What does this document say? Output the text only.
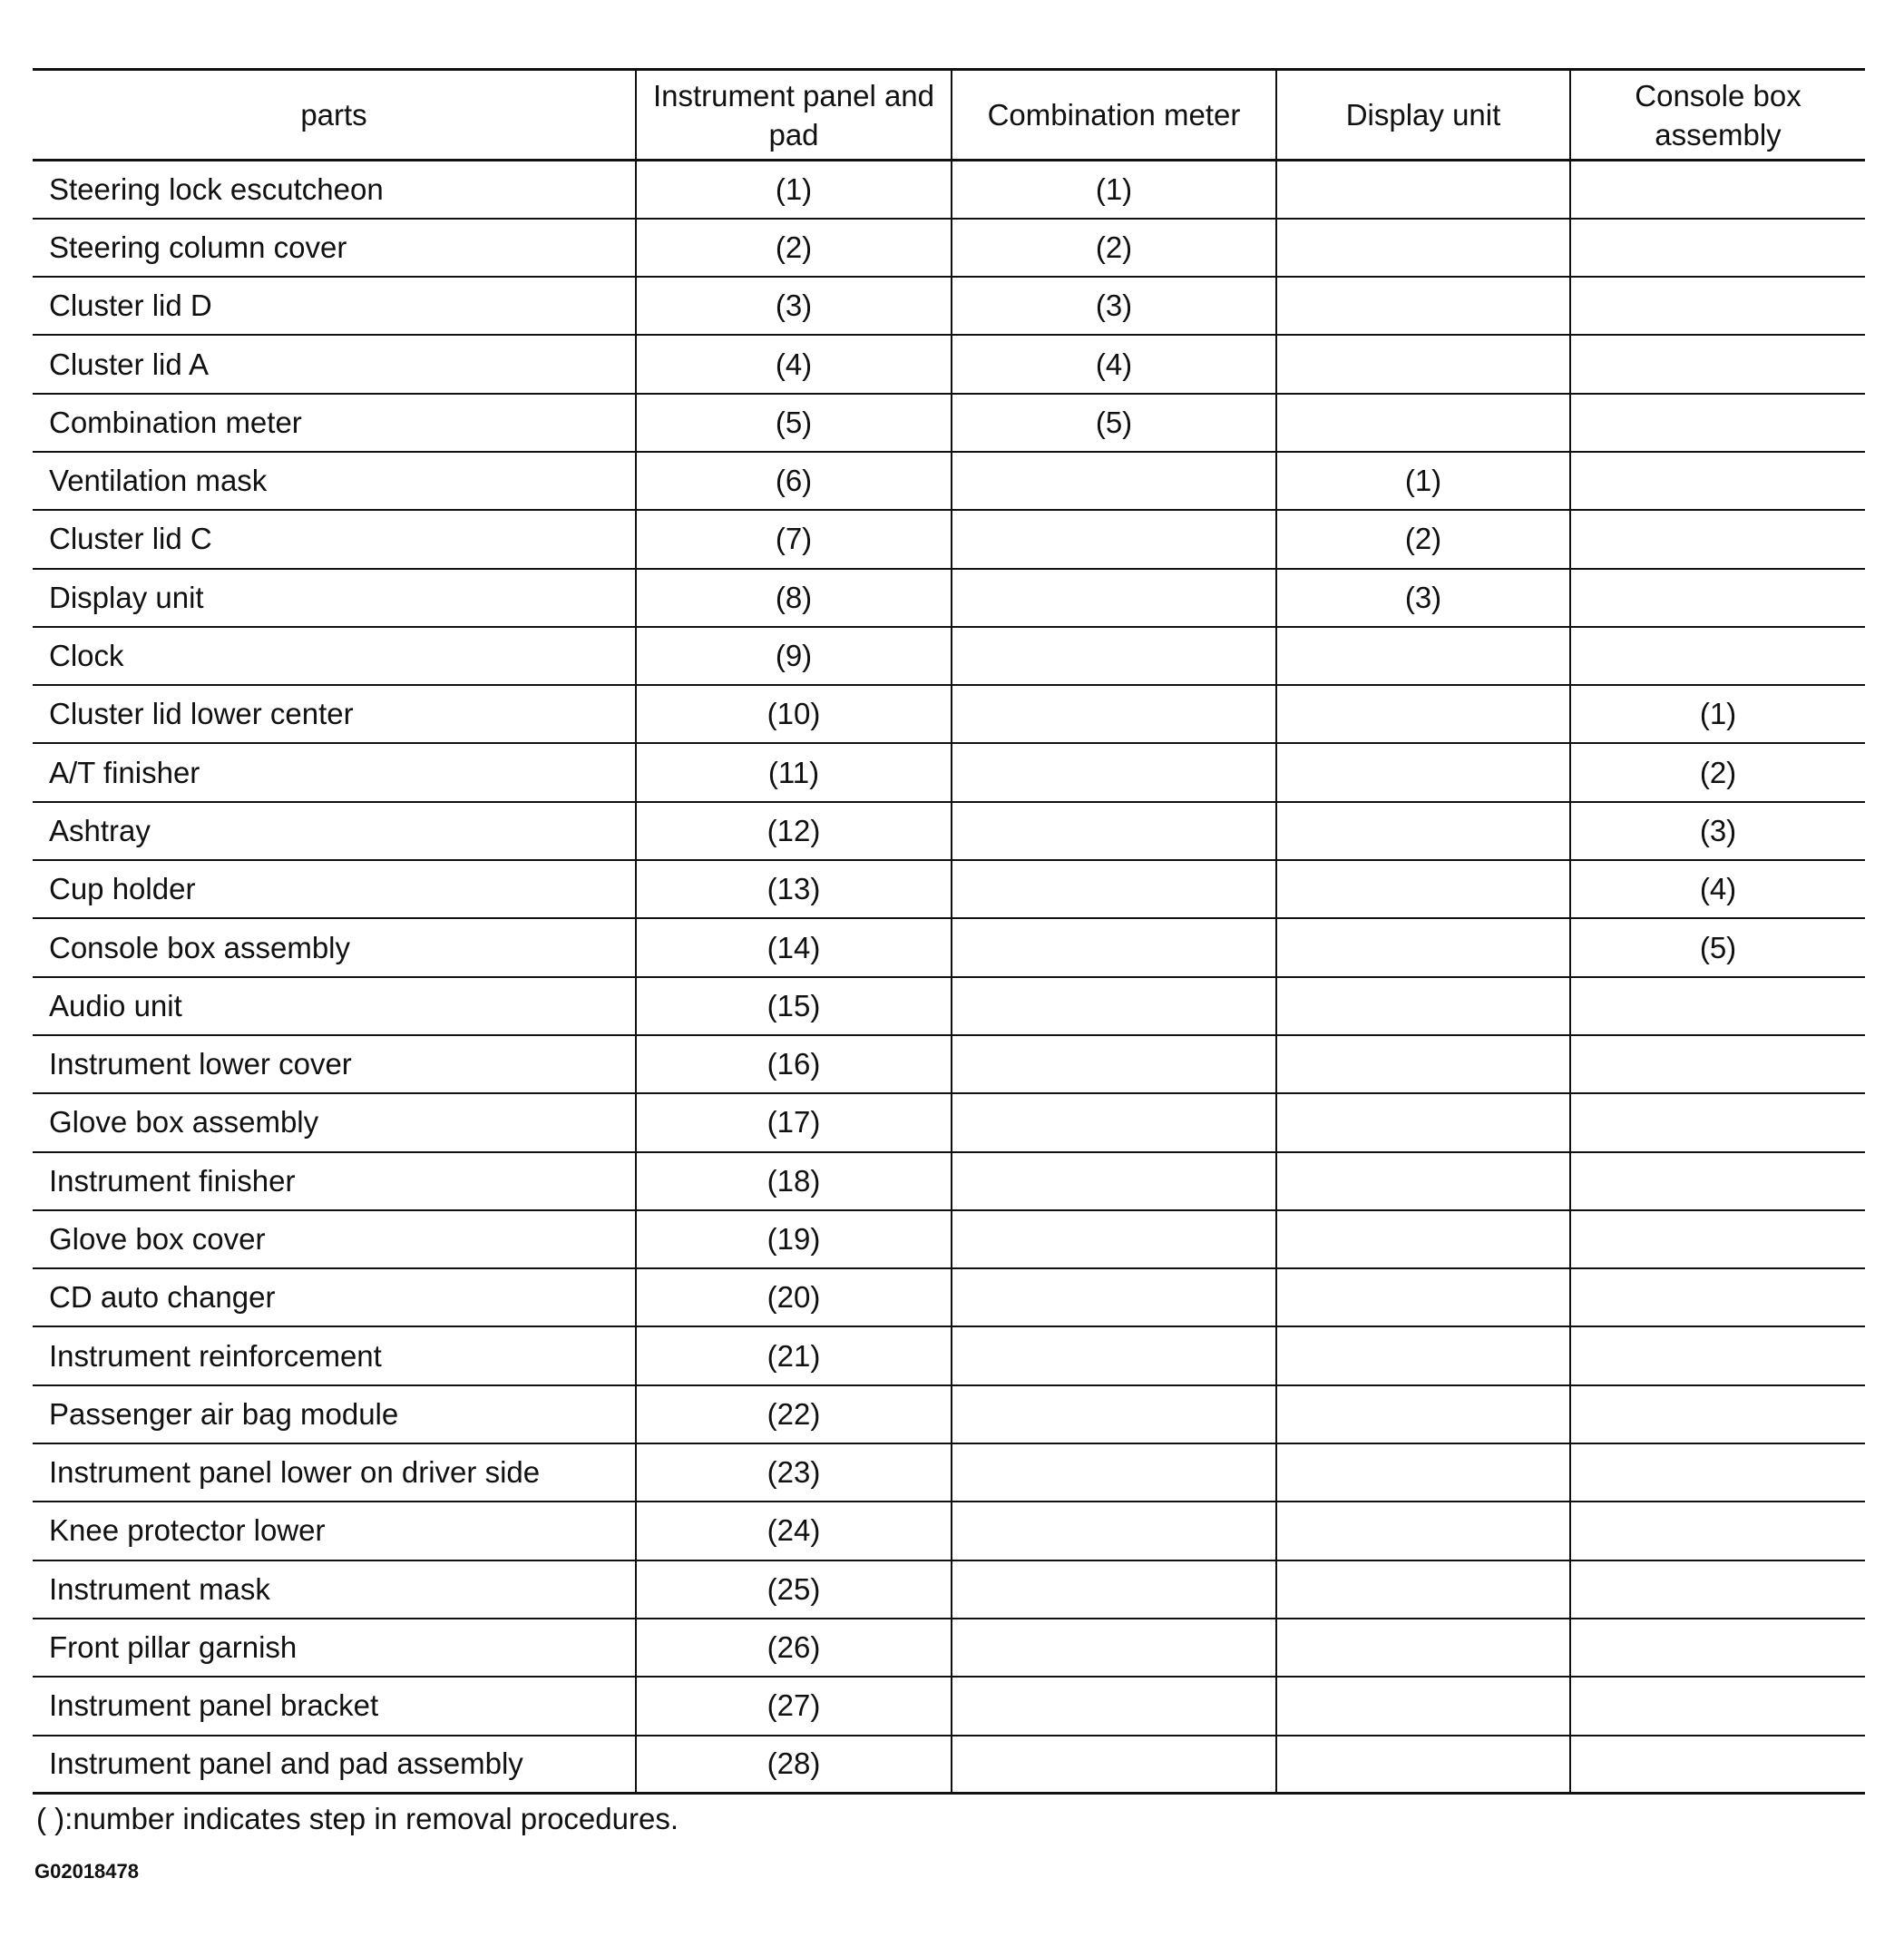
parts	Instrument panel and pad	Combination meter	Display unit	Console box assembly
Steering lock escutcheon	(1)	(1)		
Steering column cover	(2)	(2)		
Cluster lid D	(3)	(3)		
Cluster lid A	(4)	(4)		
Combination meter	(5)	(5)		
Ventilation mask	(6)		(1)	
Cluster lid C	(7)		(2)	
Display unit	(8)		(3)	
Clock	(9)			
Cluster lid lower center	(10)			(1)
A/T finisher	(11)			(2)
Ashtray	(12)			(3)
Cup holder	(13)			(4)
Console box assembly	(14)			(5)
Audio unit	(15)			
Instrument lower cover	(16)			
Glove box assembly	(17)			
Instrument finisher	(18)			
Glove box cover	(19)			
CD auto changer	(20)			
Instrument reinforcement	(21)			
Passenger air bag module	(22)			
Instrument panel lower on driver side	(23)			
Knee protector lower	(24)			
Instrument mask	(25)			
Front pillar garnish	(26)			
Instrument panel bracket	(27)			
Instrument panel and pad assembly	(28)			
( ):number indicates step in removal procedures.
G02018478
